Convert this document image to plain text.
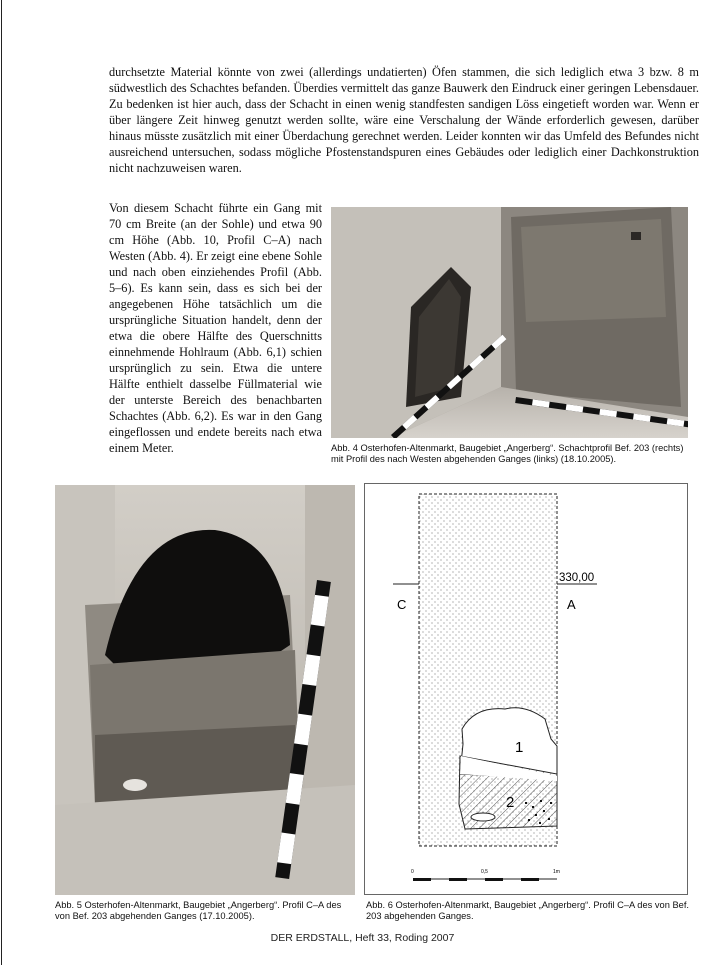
durchsetzte Material könnte von zwei (allerdings undatierten) Öfen stammen, die sich lediglich etwa 3 bzw. 8 m südwestlich des Schachtes befanden. Überdies vermittelt das ganze Bauwerk den Eindruck einer geringen Lebensdauer. Zu bedenken ist hier auch, dass der Schacht in einen wenig standfesten sandigen Löss eingetieft worden war. Wenn er über längere Zeit hinweg genutzt werden sollte, wäre eine Verschalung der Wände erforderlich gewesen, darüber hinaus müsste zusätzlich mit einer Überdachung gerechnet werden. Leider konnten wir das Umfeld des Befundes nicht ausreichend untersuchen, sodass mögliche Pfostenstandspuren eines Gebäudes oder lediglich einer Dachkonstruktion nicht nachzuweisen waren.

Von diesem Schacht führte ein Gang mit 70 cm Breite (an der Sohle) und etwa 90 cm Höhe (Abb. 10, Profil C–A) nach Westen (Abb. 4). Er zeigt eine ebene Sohle und nach oben einziehendes Profil (Abb. 5–6). Es kann sein, dass es sich bei der angegebenen Höhe tatsächlich um die ursprüngliche Situation handelt, denn der etwa die obere Hälfte des Querschnitts einnehmende Hohlraum (Abb. 6,1) schien ursprünglich zu sein. Etwa die untere Hälfte enthielt dasselbe Füllmaterial wie der unterste Bereich des benachbarten Schachtes (Abb. 6,2). Es war in den Gang eingeflossen und endete bereits nach etwa einem Meter.	Abb. 4 Osterhofen-Altenmarkt, Baugebiet „Angerberg“. Schachtprofil Bef. 203 (rechts) mit Profil des nach Westen abgehenden Ganges (links) (18.10.2005).

Abb. 5 Osterhofen-Altenmarkt, Baugebiet „Angerberg“. Profil C–A des von Bef. 203 abgehenden Ganges (17.10.2005).

C	A
330,00
1
2
0	0,5	1m

Abb. 6 Osterhofen-Altenmarkt, Baugebiet „Angerberg“. Profil C–A des von Bef. 203 abgehenden Ganges.

DER ERDSTALL, Heft 33, Roding 2007
